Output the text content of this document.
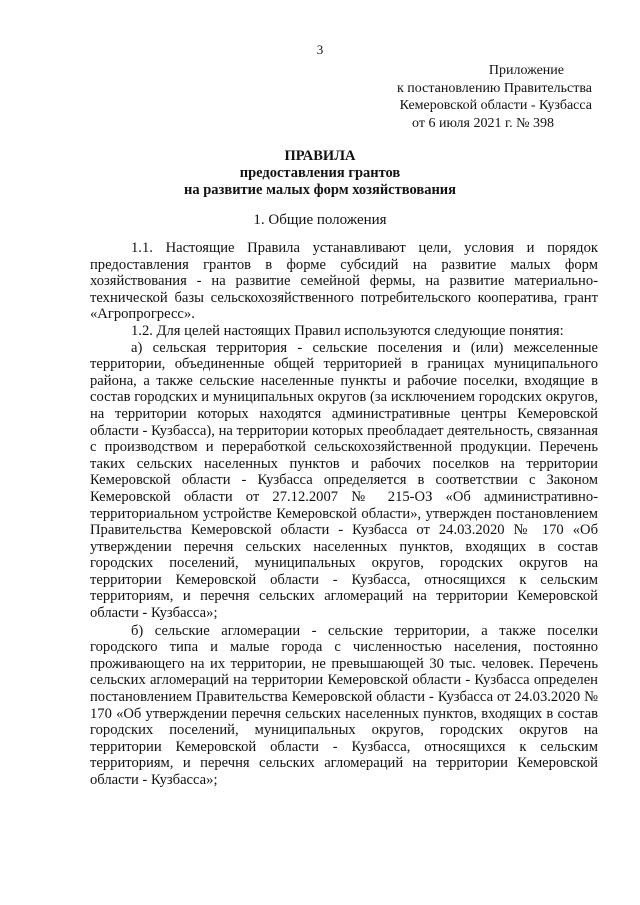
3
Приложение
к постановлению Правительства
Кемеровской области - Кузбасса
от 6 июля 2021 г. № 398
ПРАВИЛА
предоставления грантов
на развитие малых форм хозяйствования
1. Общие положения

1.1. Настоящие Правила устанавливают цели, условия и порядок предоставления грантов в форме субсидий на развитие малых форм хозяйствования - на развитие семейной фермы, на развитие материально-технической базы сельскохозяйственного потребительского кооператива, грант «Агропрогресс».

1.2. Для целей настоящих Правил используются следующие понятия:

а) сельская территория - сельские поселения и (или) межселенные территории, объединенные общей территорией в границах муниципального района, а также сельские населенные пункты и рабочие поселки, входящие в состав городских и муниципальных округов (за исключением городских округов, на территории которых находятся административные центры Кемеровской области - Кузбасса), на территории которых преобладает деятельность, связанная с производством и переработкой сельскохозяйственной продукции. Перечень таких сельских населенных пунктов и рабочих поселков на территории Кемеровской области - Кузбасса определяется в соответствии с Законом Кемеровской области от 27.12.2007 № 215-ОЗ «Об административно-территориальном устройстве Кемеровской области», утвержден постановлением Правительства Кемеровской области - Кузбасса от 24.03.2020 № 170 «Об утверждении перечня сельских населенных пунктов, входящих в состав городских поселений, муниципальных округов, городских округов на территории Кемеровской области - Кузбасса, относящихся к сельским территориям, и перечня сельских агломераций на территории Кемеровской области - Кузбасса»;

б) сельские агломерации - сельские территории, а также поселки городского типа и малые города с численностью населения, постоянно проживающего на их территории, не превышающей 30 тыс. человек. Перечень сельских агломераций на территории Кемеровской области - Кузбасса определен постановлением Правительства Кемеровской области - Кузбасса от 24.03.2020 № 170 «Об утверждении перечня сельских населенных пунктов, входящих в состав городских поселений, муниципальных округов, городских округов на территории Кемеровской области - Кузбасса, относящихся к сельским территориям, и перечня сельских агломераций на территории Кемеровской области - Кузбасса»;
